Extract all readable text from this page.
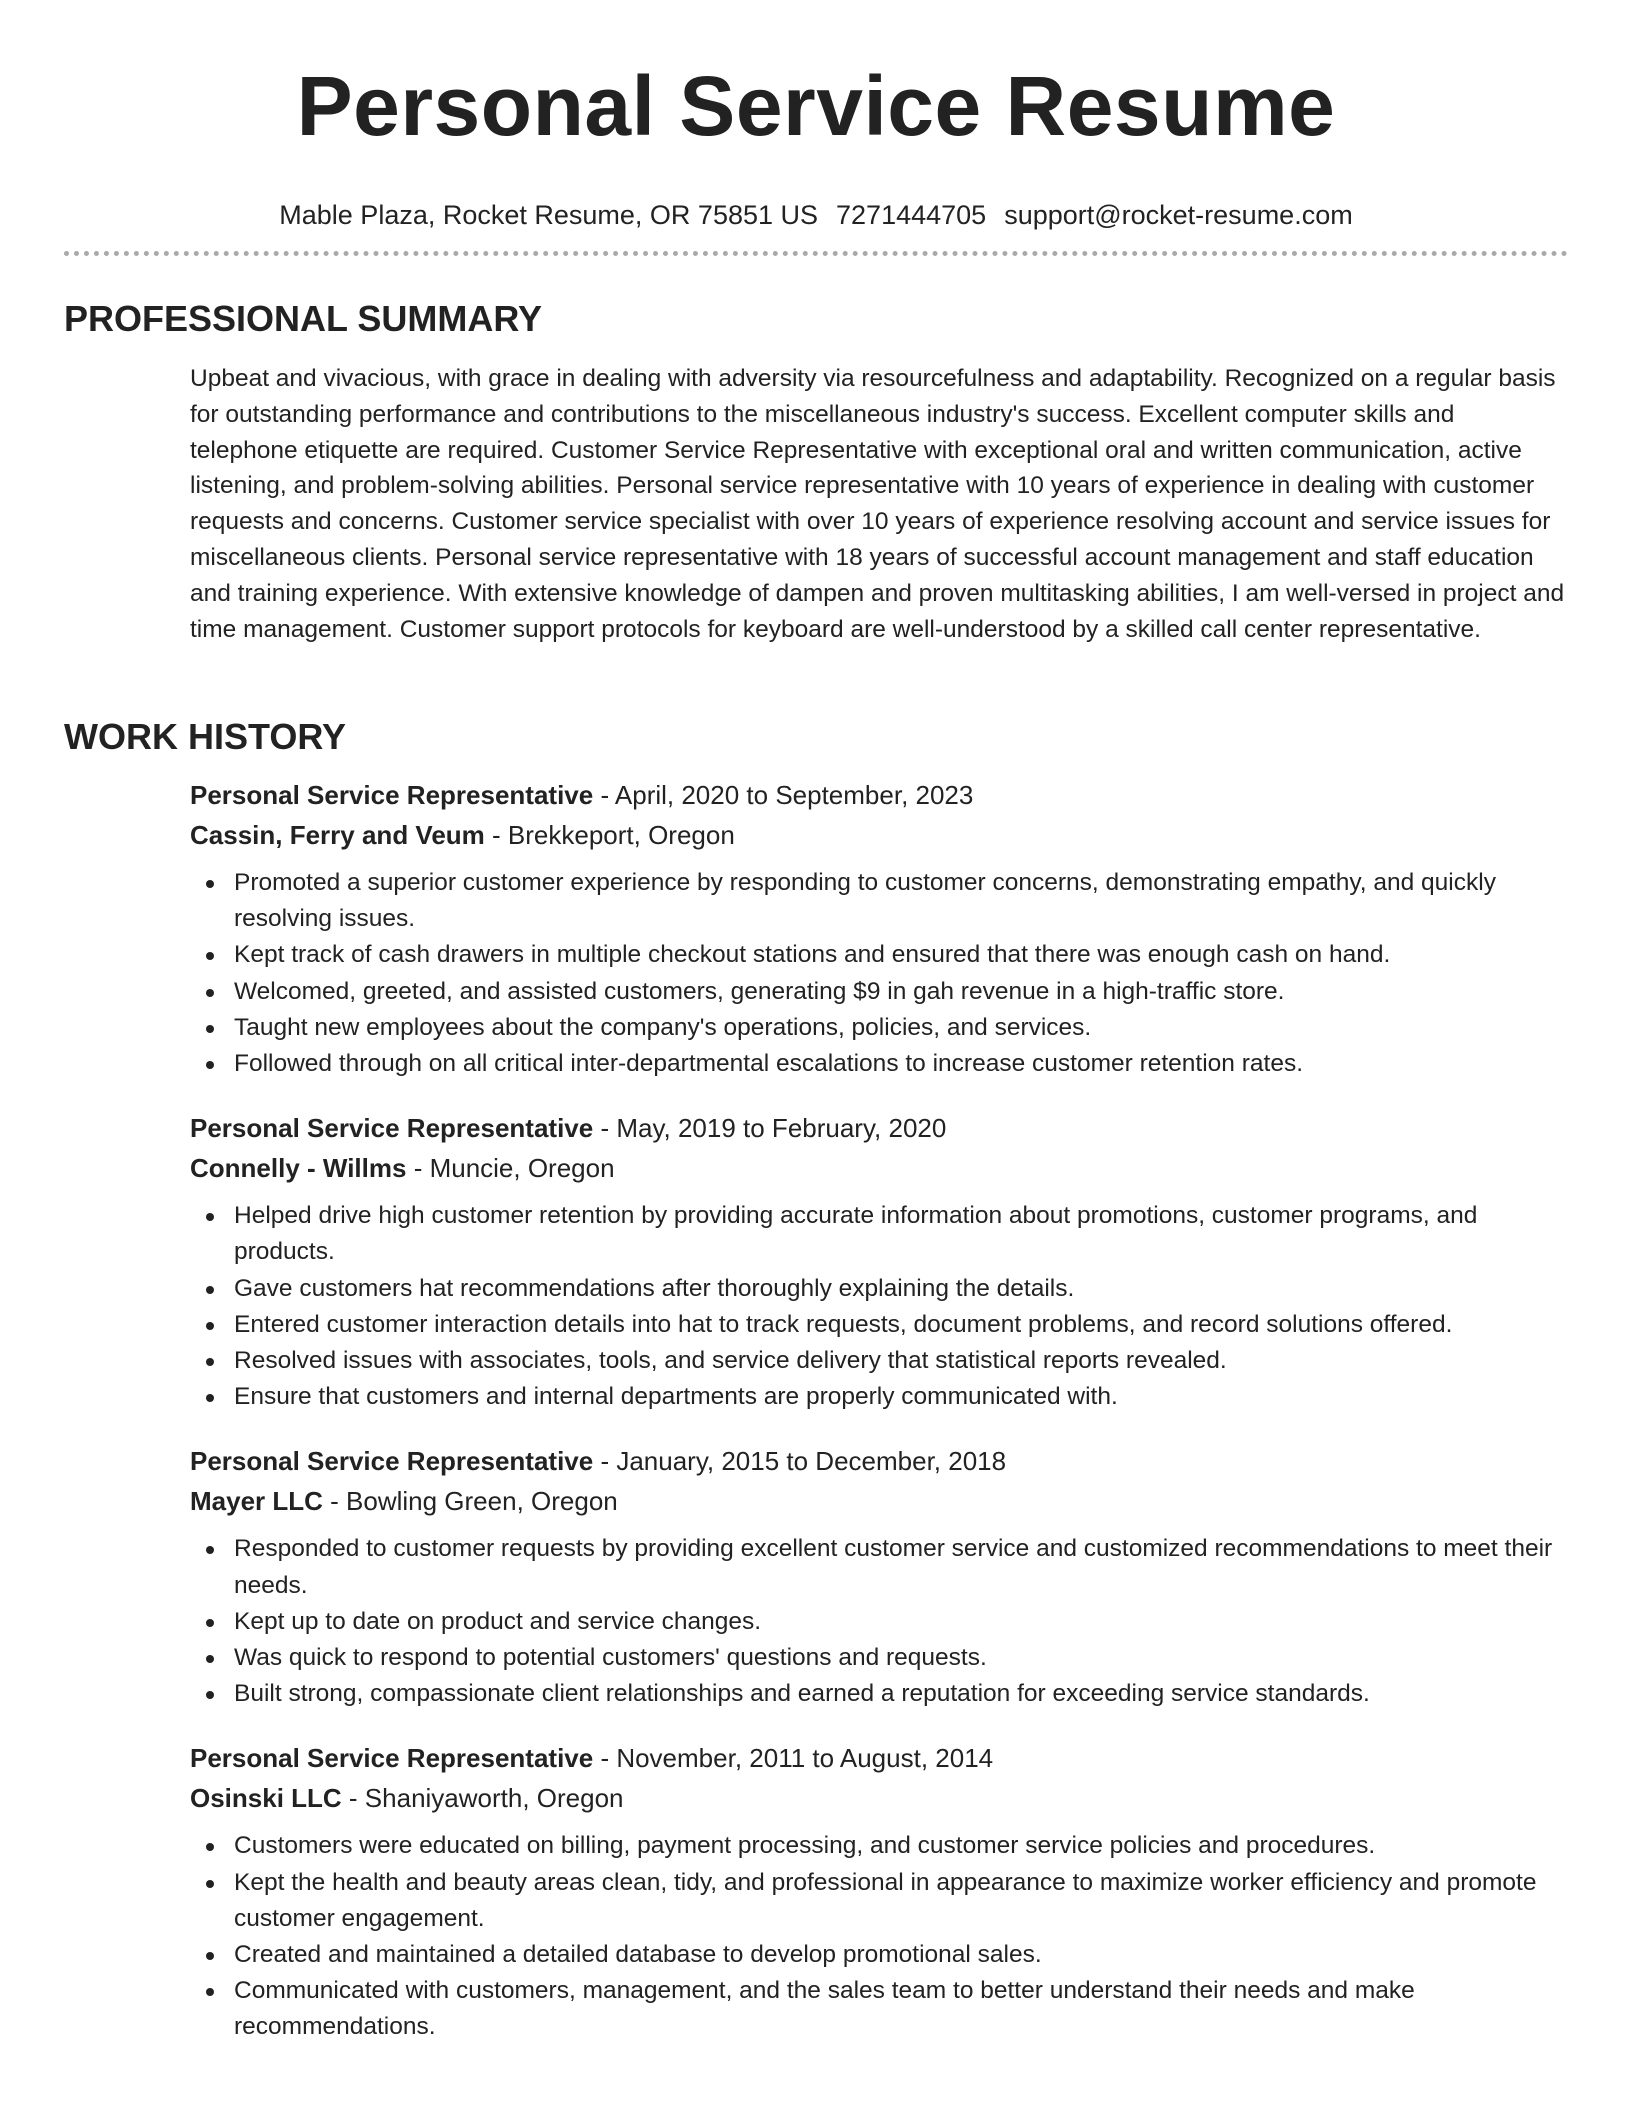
Personal Service Resume
Mable Plaza, Rocket Resume, OR 75851 US 7271444705 support@rocket-resume.com
PROFESSIONAL SUMMARY
Upbeat and vivacious, with grace in dealing with adversity via resourcefulness and adaptability. Recognized on a regular basis for outstanding performance and contributions to the miscellaneous industry's success. Excellent computer skills and telephone etiquette are required. Customer Service Representative with exceptional oral and written communication, active listening, and problem-solving abilities. Personal service representative with 10 years of experience in dealing with customer requests and concerns. Customer service specialist with over 10 years of experience resolving account and service issues for miscellaneous clients. Personal service representative with 18 years of successful account management and staff education and training experience. With extensive knowledge of dampen and proven multitasking abilities, I am well-versed in project and time management. Customer support protocols for keyboard are well-understood by a skilled call center representative.
WORK HISTORY
Personal Service Representative - April, 2020 to September, 2023
Cassin, Ferry and Veum - Brekkeport, Oregon
Promoted a superior customer experience by responding to customer concerns, demonstrating empathy, and quickly resolving issues.
Kept track of cash drawers in multiple checkout stations and ensured that there was enough cash on hand.
Welcomed, greeted, and assisted customers, generating $9 in gah revenue in a high-traffic store.
Taught new employees about the company's operations, policies, and services.
Followed through on all critical inter-departmental escalations to increase customer retention rates.
Personal Service Representative - May, 2019 to February, 2020
Connelly - Willms - Muncie, Oregon
Helped drive high customer retention by providing accurate information about promotions, customer programs, and products.
Gave customers hat recommendations after thoroughly explaining the details.
Entered customer interaction details into hat to track requests, document problems, and record solutions offered.
Resolved issues with associates, tools, and service delivery that statistical reports revealed.
Ensure that customers and internal departments are properly communicated with.
Personal Service Representative - January, 2015 to December, 2018
Mayer LLC - Bowling Green, Oregon
Responded to customer requests by providing excellent customer service and customized recommendations to meet their needs.
Kept up to date on product and service changes.
Was quick to respond to potential customers' questions and requests.
Built strong, compassionate client relationships and earned a reputation for exceeding service standards.
Personal Service Representative - November, 2011 to August, 2014
Osinski LLC - Shaniyaworth, Oregon
Customers were educated on billing, payment processing, and customer service policies and procedures.
Kept the health and beauty areas clean, tidy, and professional in appearance to maximize worker efficiency and promote customer engagement.
Created and maintained a detailed database to develop promotional sales.
Communicated with customers, management, and the sales team to better understand their needs and make recommendations.
